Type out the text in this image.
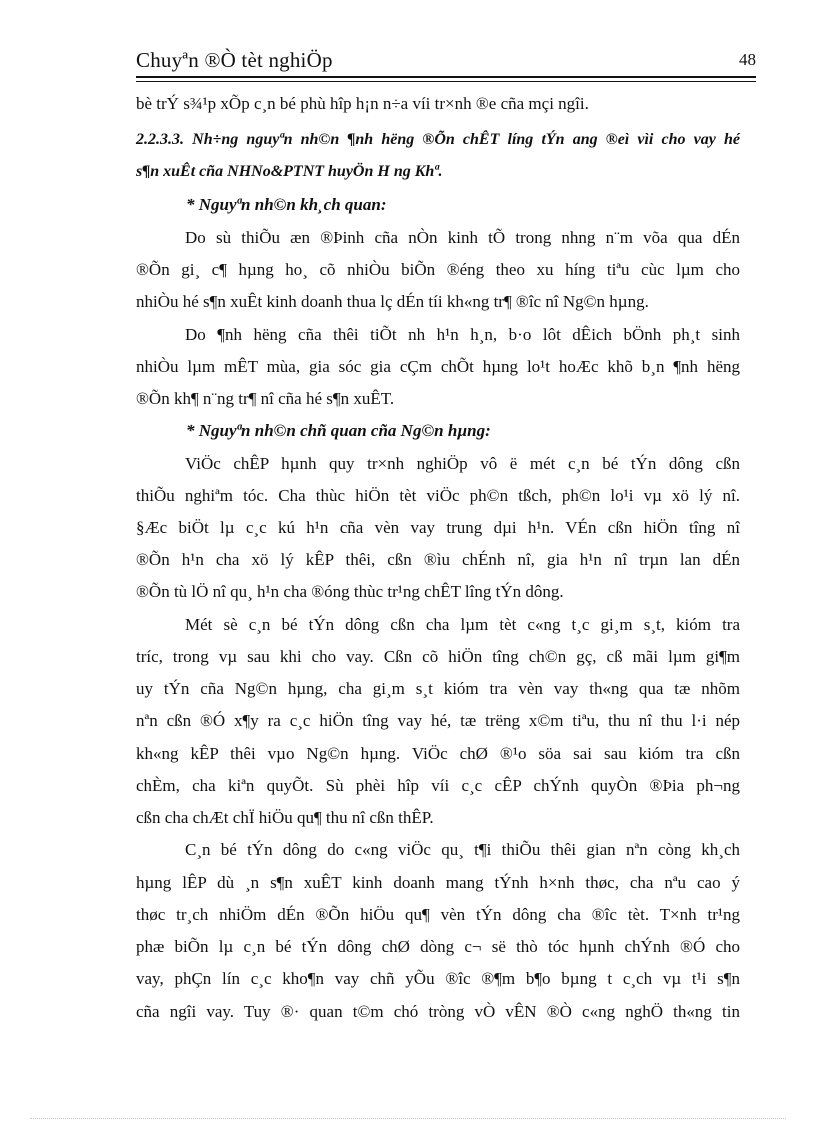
Chuyªn ®Ò tèt nghiÖp	48
bè trÝ s¾¹p xÕp c¸n bé phù hîp h¡n n÷a víi tr×nh ®e cña mçi ngîi.
2.2.3.3. Nh÷ng nguyªn nh©n ¶nh hëng ®Õn chÊT líng tÝn ang ®eì vìi cho vay hé
s¶n xuÊt cña NHNo&PTNT huyÖn H ng Khª.
* Nguyªn nh©n kh¸ch quan:
Do sù thiÕu æn ®Þinh cña nÒn kinh tÕ trong nhng n¨m võa qua dÉn
®Õn gi¸ c¶ hµng ho¸ cõ nhiÒu biÕn ®éng theo xu híng tiªu cùc lµm cho
nhiÒu hé s¶n xuÊt kinh doanh thua lç dÉn tíi kh«ng tr¶ ®îc nî Ng©n hµng.
Do ¶nh hëng cña thêi tiÕt nh h¹n h¸n, b·o lôt dÊich bÖnh ph¸t sinh
nhiÒu lµm mÊT mùa, gia sóc gia cÇm chÕt hµng lo¹t hoÆc khõ b¸n ¶nh hëng
®Õn kh¶ n¨ng tr¶ nî cña hé s¶n xuÊT.
* Nguyªn nh©n chñ quan cña Ng©n hµng:
ViÖc chÊP hµnh quy tr×nh nghiÖp vô ë mét c¸n bé tÝn dông cßn
thiÕu nghiªm tóc. Cha thùc hiÖn tèt viÖc ph©n tßch, ph©n lo¹i vµ xö lý nî.
§Æc biÖt lµ c¸c kú h¹n cña vèn vay trung dµi h¹n. VÉn cßn hiÖn tîng nî
®Õn h¹n cha xö lý kÊP thêi, cßn ®ìu chÉnh nî, gia h¹n nî trµn lan dÉn
®Õn tù lÖ nî qu¸ h¹n cha ®óng thùc tr¹ng chÊT lîng tÝn dông.
Mét sè c¸n bé tÝn dông cßn cha lµm tèt c«ng t¸c gi¸m s¸t, kióm tra
tríc, trong vµ sau khi cho vay. Cßn cõ hiÖn tîng ch©n gç, cß mãi lµm gi¶m
uy tÝn cña Ng©n hµng, cha gi¸m s¸t kióm tra vèn vay th«ng qua tæ nhõm
nªn cßn ®Ó x¶y ra c¸c hiÖn tîng vay hé, tæ trëng x©m tiªu, thu nî thu l·i nép
kh«ng kÊP thêi vµo Ng©n hµng. ViÖc chØ ®¹o söa sai sau kióm tra cßn
chÈm, cha kiªn quyÕt. Sù phèi hîp víi c¸c cÊP chÝnh quyÒn ®Þia ph¬ng
cßn cha chÆt chÏ hiÖu qu¶ thu nî cßn thÊP.
C¸n bé tÝn dông do c«ng viÖc qu¸ t¶i thiÕu thêi gian nªn còng kh¸ch
hµng lÊP dù ¸n s¶n xuÊT kinh doanh mang tÝnh h×nh thøc, cha nªu cao ý
thøc tr¸ch nhiÖm dÉn ®Õn hiÖu qu¶ vèn tÝn dông cha ®îc tèt. T×nh tr¹ng
phæ biÕn lµ c¸n bé tÝn dông chØ dòng c¬ së thò tóc hµnh chÝnh ®Ó cho
vay, phÇn lín c¸c kho¶n vay chñ yÕu ®îc ®¶m b¶o bµng t c¸ch vµ t¹i s¶n
cña ngîi vay. Tuy ®· quan t©m chó tròng vÒ vÊN ®Ò c«ng nghÖ th«ng tin
